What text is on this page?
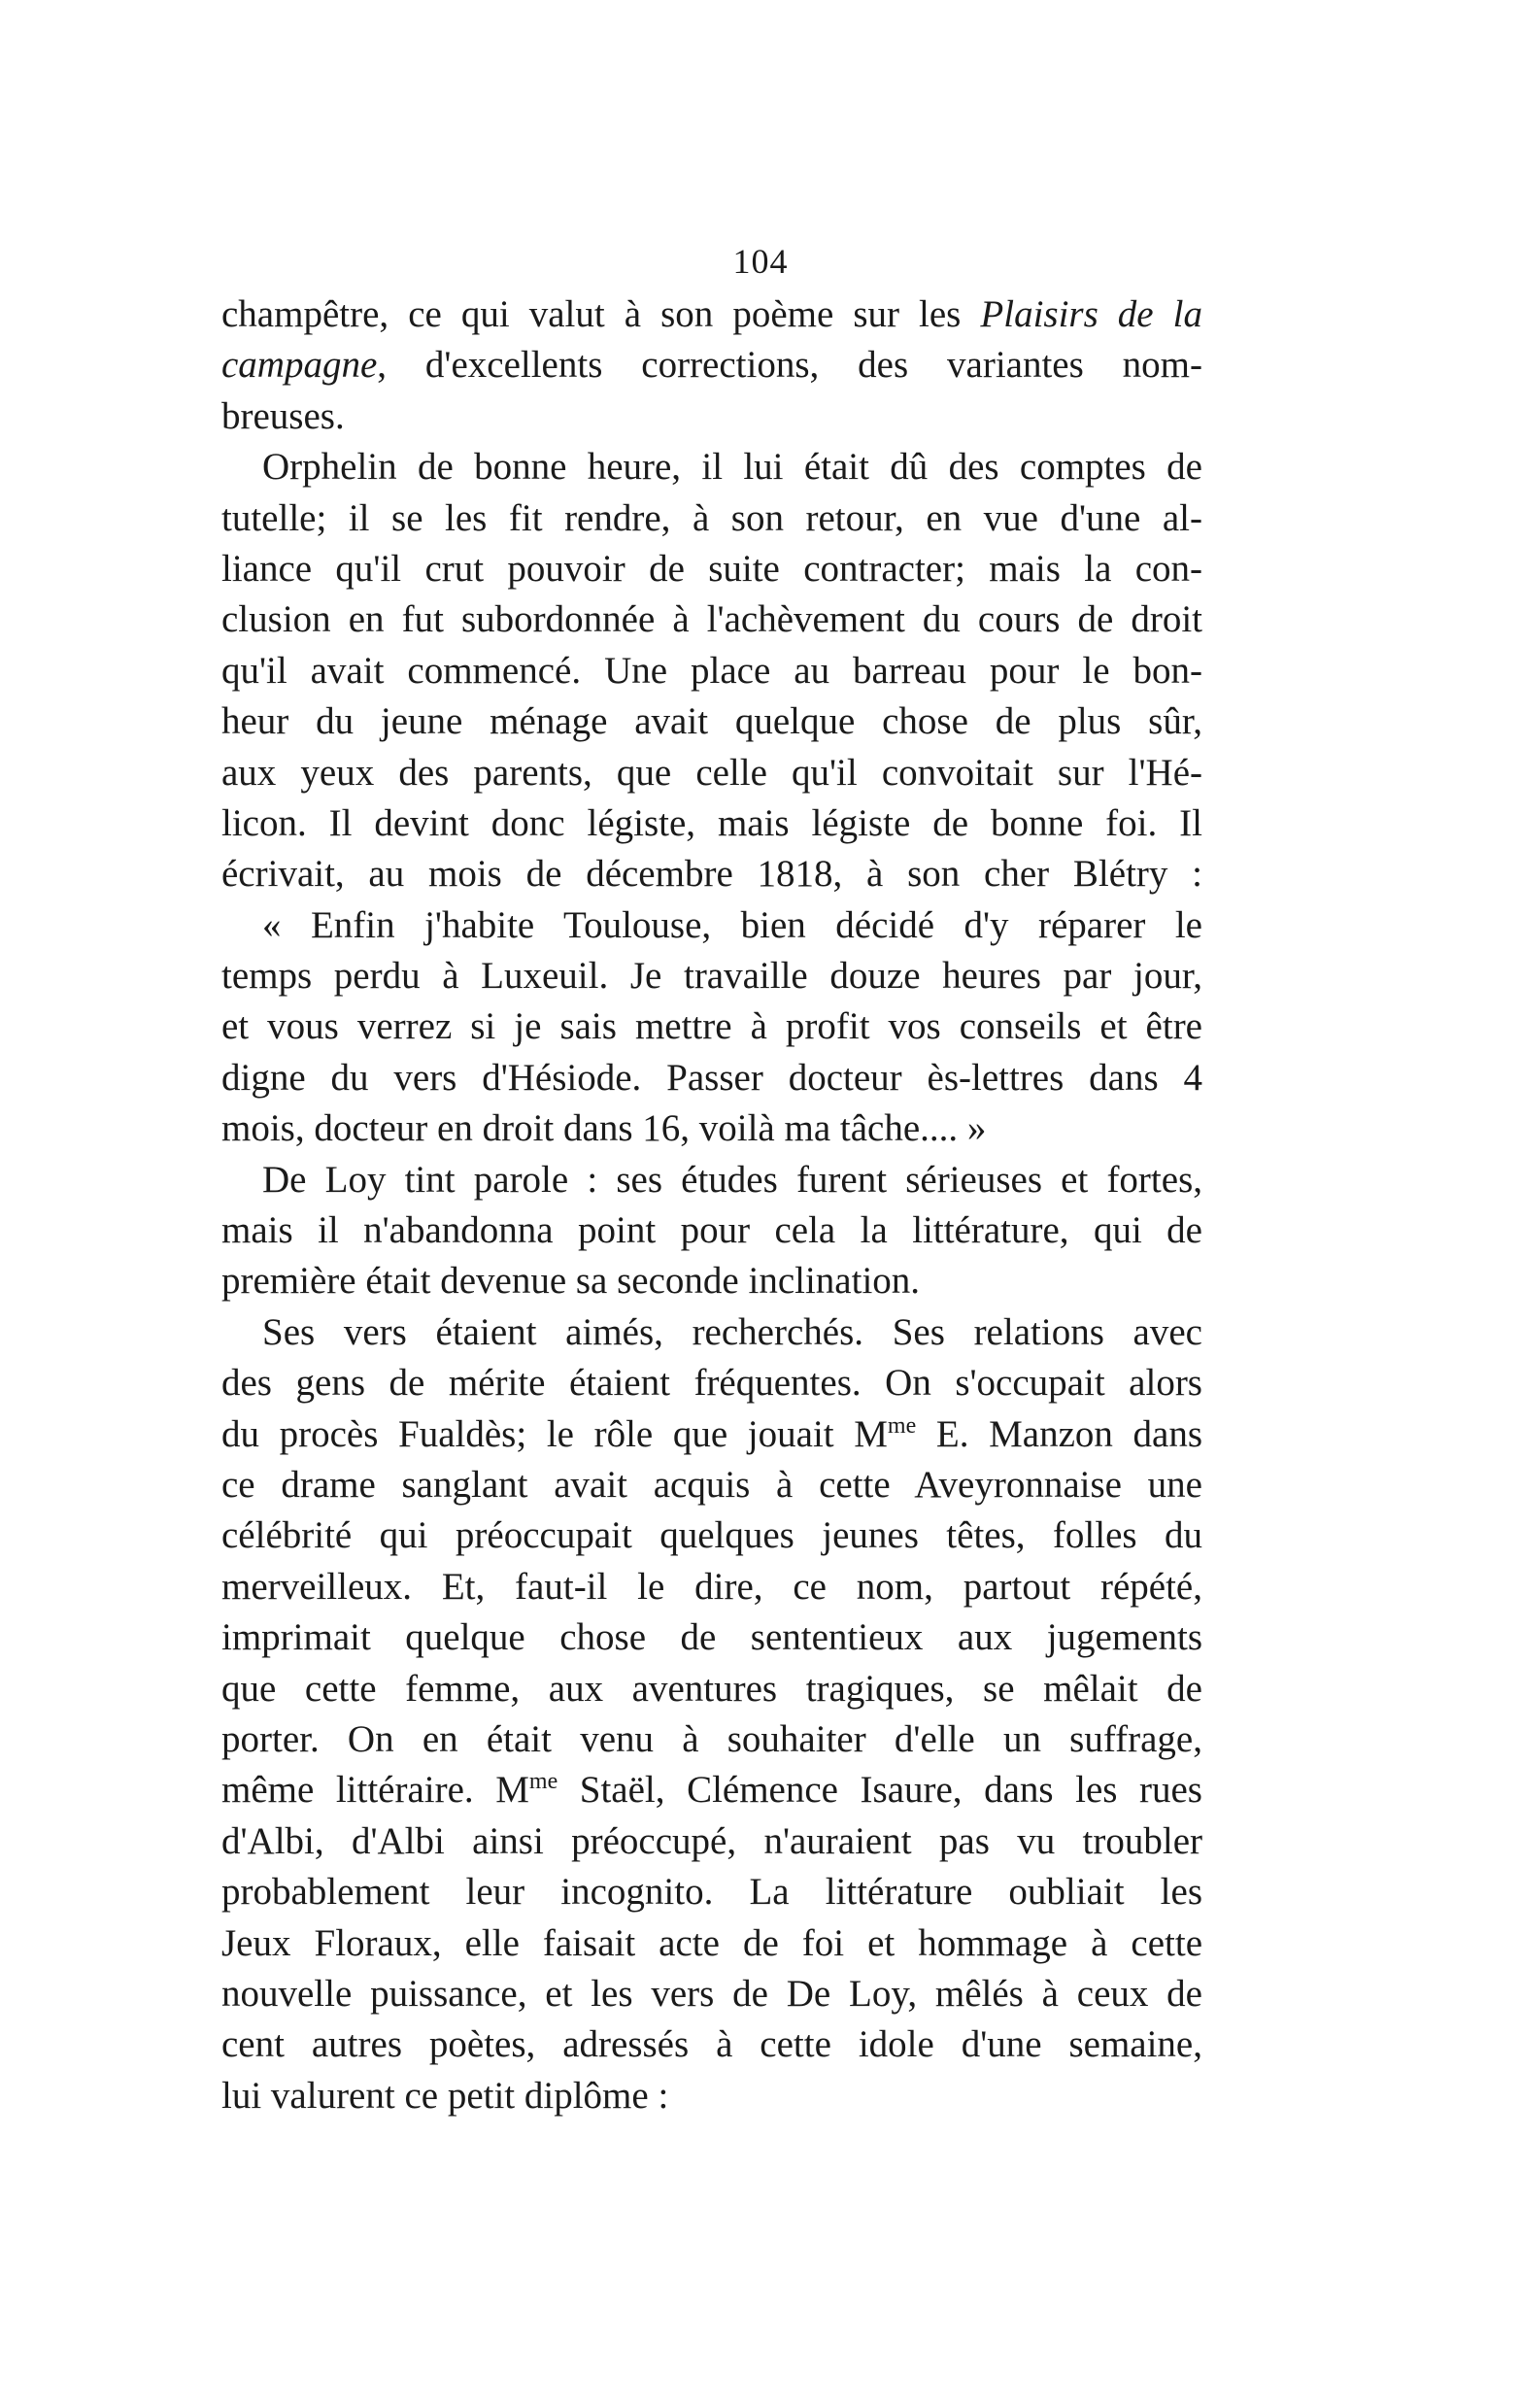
104
champêtre, ce qui valut à son poème sur les Plaisirs de la
campagne, d'excellents corrections, des variantes nom-
breuses.
Orphelin de bonne heure, il lui était dû des comptes de
tutelle; il se les fit rendre, à son retour, en vue d'une al-
liance qu'il crut pouvoir de suite contracter; mais la con-
clusion en fut subordonnée à l'achèvement du cours de droit
qu'il avait commencé. Une place au barreau pour le bon-
heur du jeune ménage avait quelque chose de plus sûr,
aux yeux des parents, que celle qu'il convoitait sur l'Hé-
licon. Il devint donc légiste, mais légiste de bonne foi. Il
écrivait, au mois de décembre 1818, à son cher Blétry :
« Enfin j'habite Toulouse, bien décidé d'y réparer le
temps perdu à Luxeuil. Je travaille douze heures par jour,
et vous verrez si je sais mettre à profit vos conseils et être
digne du vers d'Hésiode. Passer docteur ès-lettres dans 4
mois, docteur en droit dans 16, voilà ma tâche.... »
De Loy tint parole : ses études furent sérieuses et fortes,
mais il n'abandonna point pour cela la littérature, qui de
première était devenue sa seconde inclination.
Ses vers étaient aimés, recherchés. Ses relations avec
des gens de mérite étaient fréquentes. On s'occupait alors
du procès Fualdès; le rôle que jouait $M^{me}$ E. Manzon dans
ce drame sanglant avait acquis à cette Aveyronnaise une
célébrité qui préoccupait quelques jeunes têtes, folles du
merveilleux. Et, faut-il le dire, ce nom, partout répété,
imprimait quelque chose de sententieux aux jugements
que cette femme, aux aventures tragiques, se mêlait de
porter. On en était venu à souhaiter d'elle un suffrage,
même littéraire. $M^{me}$ Staël, Clémence Isaure, dans les rues
d'Albi, d'Albi ainsi préoccupé, n'auraient pas vu troubler
probablement leur incognito. La littérature oubliait les
Jeux Floraux, elle faisait acte de foi et hommage à cette
nouvelle puissance, et les vers de De Loy, mêlés à ceux de
cent autres poètes, adressés à cette idole d'une semaine,
lui valurent ce petit diplôme :
